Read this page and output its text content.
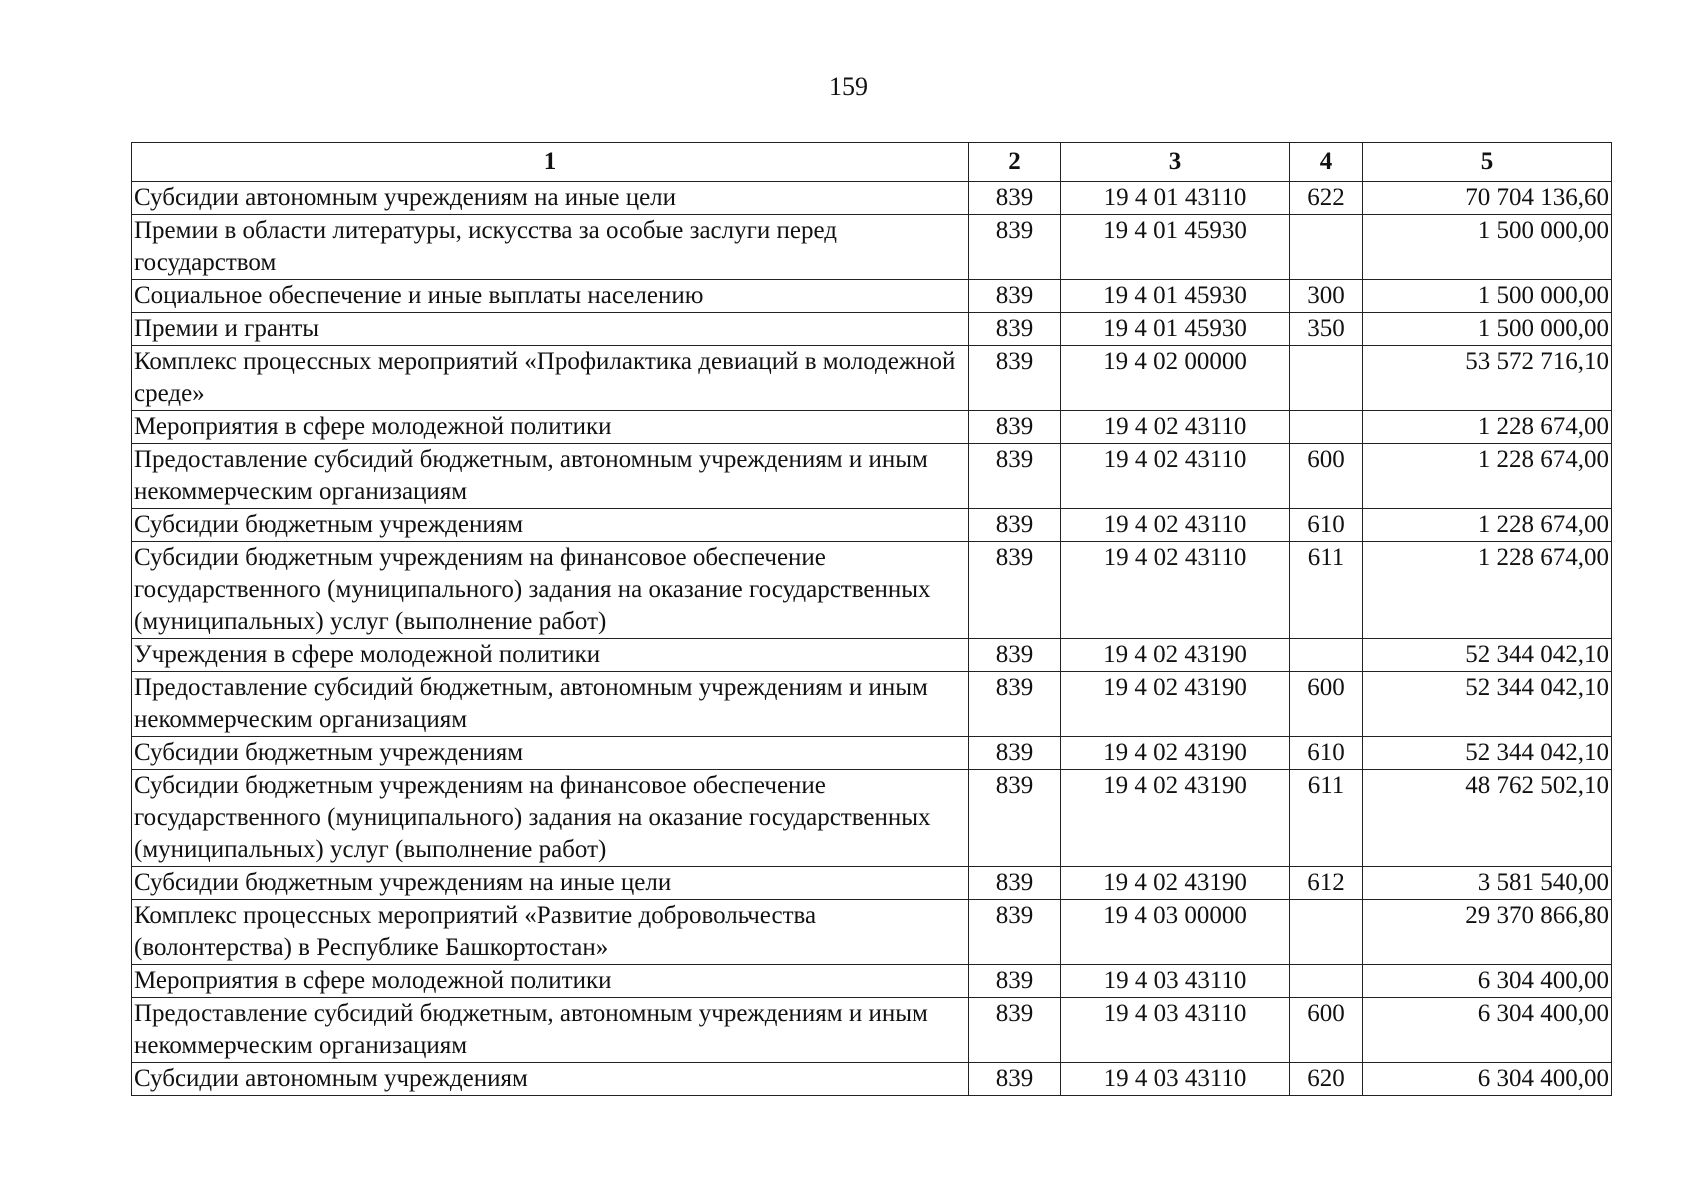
159
1	2	3	4	5
Субсидии автономным учреждениям на иные цели	839	19 4 01 43110	622	70 704 136,60
Премии в области литературы, искусства за особые заслуги перед государством	839	19 4 01 45930		1 500 000,00
Социальное обеспечение и иные выплаты населению	839	19 4 01 45930	300	1 500 000,00
Премии и гранты	839	19 4 01 45930	350	1 500 000,00
Комплекс процессных мероприятий «Профилактика девиаций в молодежной среде»	839	19 4 02 00000		53 572 716,10
Мероприятия в сфере молодежной политики	839	19 4 02 43110		1 228 674,00
Предоставление субсидий бюджетным, автономным учреждениям и иным некоммерческим организациям	839	19 4 02 43110	600	1 228 674,00
Субсидии бюджетным учреждениям	839	19 4 02 43110	610	1 228 674,00
Субсидии бюджетным учреждениям на финансовое обеспечение государственного (муниципального) задания на оказание государственных (муниципальных) услуг (выполнение работ)	839	19 4 02 43110	611	1 228 674,00
Учреждения в сфере молодежной политики	839	19 4 02 43190		52 344 042,10
Предоставление субсидий бюджетным, автономным учреждениям и иным некоммерческим организациям	839	19 4 02 43190	600	52 344 042,10
Субсидии бюджетным учреждениям	839	19 4 02 43190	610	52 344 042,10
Субсидии бюджетным учреждениям на финансовое обеспечение государственного (муниципального) задания на оказание государственных (муниципальных) услуг (выполнение работ)	839	19 4 02 43190	611	48 762 502,10
Субсидии бюджетным учреждениям на иные цели	839	19 4 02 43190	612	3 581 540,00
Комплекс процессных мероприятий «Развитие добровольчества (волонтерства) в Республике Башкортостан»	839	19 4 03 00000		29 370 866,80
Мероприятия в сфере молодежной политики	839	19 4 03 43110		6 304 400,00
Предоставление субсидий бюджетным, автономным учреждениям и иным некоммерческим организациям	839	19 4 03 43110	600	6 304 400,00
Субсидии автономным учреждениям	839	19 4 03 43110	620	6 304 400,00
